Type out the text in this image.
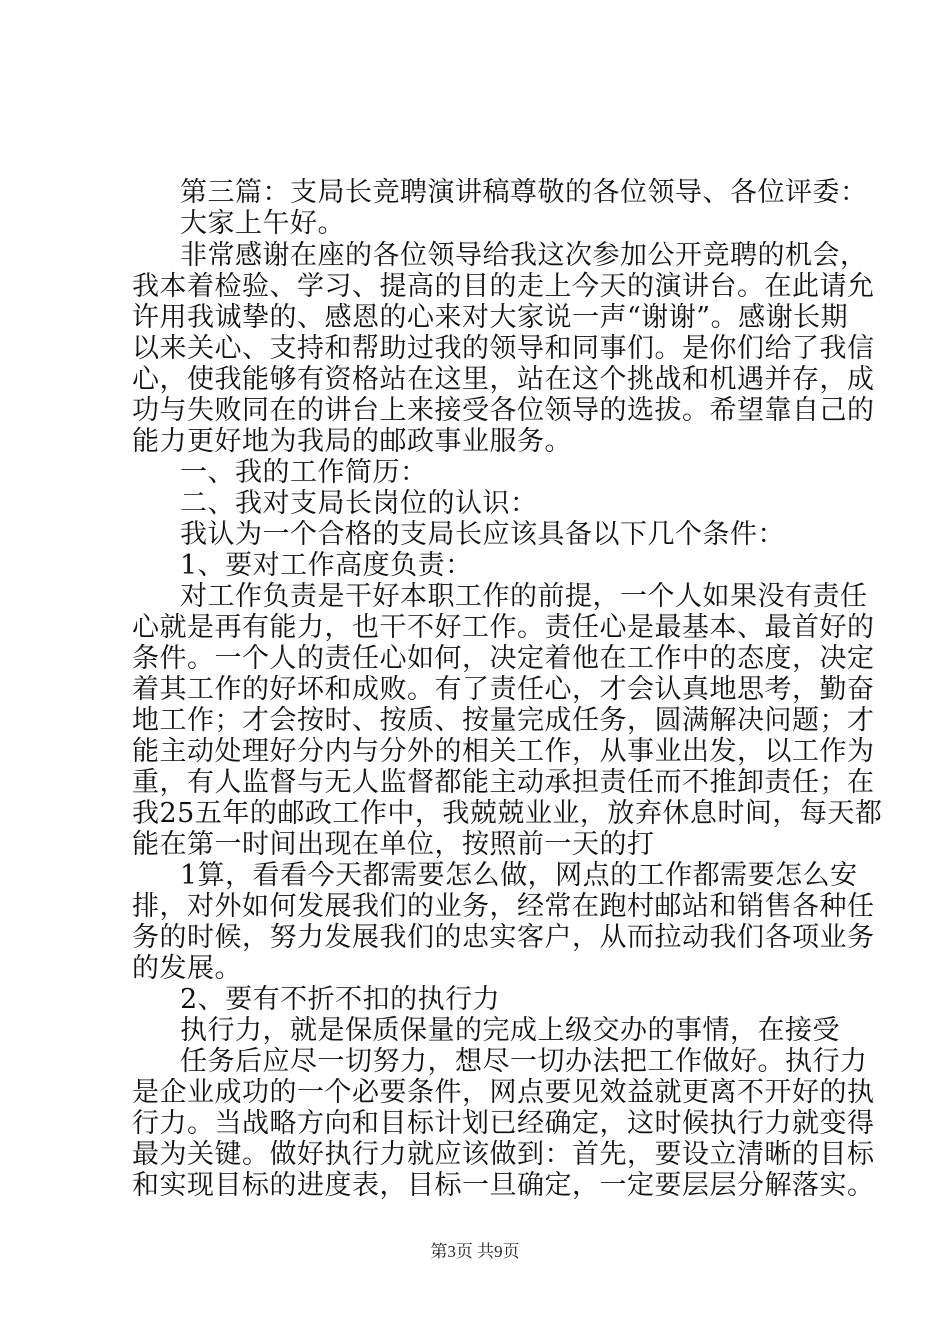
第三篇：支局长竞聘演讲稿尊敬的各位领导、各位评委：
大家上午好。
非常感谢在座的各位领导给我这次参加公开竞聘的机会，
我本着检验、学习、提高的目的走上今天的演讲台。在此请允
许用我诚挚的、感恩的心来对大家说一声“谢谢”。感谢长期
以来关心、支持和帮助过我的领导和同事们。是你们给了我信
心，使我能够有资格站在这里，站在这个挑战和机遇并存，成
功与失败同在的讲台上来接受各位领导的选拔。希望靠自己的
能力更好地为我局的邮政事业服务。
一、我的工作简历：
二、我对支局长岗位的认识：
我认为一个合格的支局长应该具备以下几个条件：
1、要对工作高度负责：
对工作负责是干好本职工作的前提，一个人如果没有责任
心就是再有能力，也干不好工作。责任心是最基本、最首好的
条件。一个人的责任心如何，决定着他在工作中的态度，决定
着其工作的好坏和成败。有了责任心，才会认真地思考，勤奋
地工作；才会按时、按质、按量完成任务，圆满解决问题；才
能主动处理好分内与分外的相关工作，从事业出发，以工作为
重，有人监督与无人监督都能主动承担责任而不推卸责任；在
我25五年的邮政工作中，我兢兢业业，放弃休息时间，每天都
能在第一时间出现在单位，按照前一天的打
1算，看看今天都需要怎么做，网点的工作都需要怎么安
排，对外如何发展我们的业务，经常在跑村邮站和销售各种任
务的时候，努力发展我们的忠实客户，从而拉动我们各项业务
的发展。
2、要有不折不扣的执行力
执行力，就是保质保量的完成上级交办的事情，在接受
任务后应尽一切努力，想尽一切办法把工作做好。执行力
是企业成功的一个必要条件，网点要见效益就更离不开好的执
行力。当战略方向和目标计划已经确定，这时候执行力就变得
最为关键。做好执行力就应该做到：首先，要设立清晰的目标
和实现目标的进度表，目标一旦确定，一定要层层分解落实。
第3页 共9页
